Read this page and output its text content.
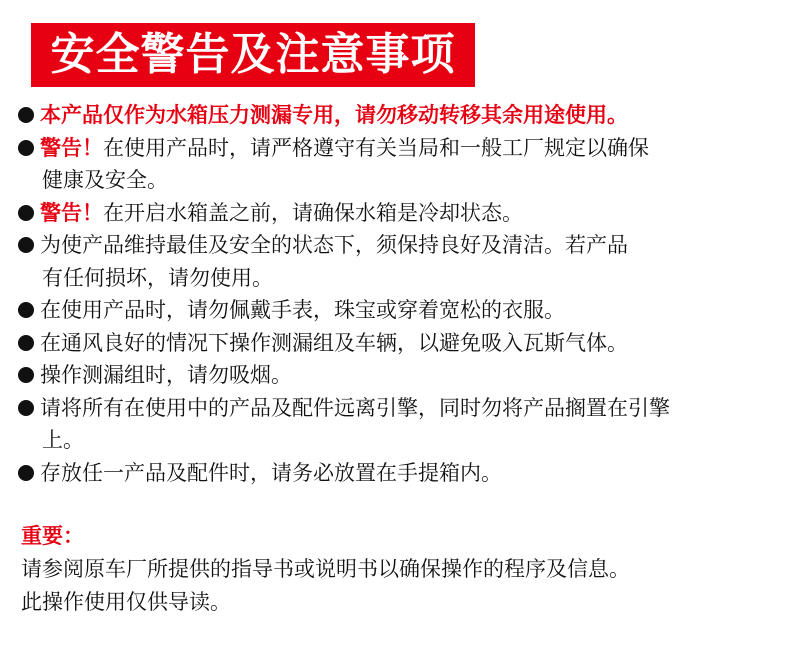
安全警告及注意事项
本产品仅作为水箱压力测漏专用，请勿移动转移其余用途使用。
警告！在使用产品时，请严格遵守有关当局和一般工厂规定以确保
健康及安全。
警告！在开启水箱盖之前，请确保水箱是冷却状态。
为使产品维持最佳及安全的状态下，须保持良好及清洁。若产品
有任何损坏，请勿使用。
在使用产品时，请勿佩戴手表，珠宝或穿着宽松的衣服。
在通风良好的情况下操作测漏组及车辆，以避免吸入瓦斯气体。
操作测漏组时，请勿吸烟。
请将所有在使用中的产品及配件远离引擎，同时勿将产品搁置在引擎
上。
存放任一产品及配件时，请务必放置在手提箱内。
重要：
请参阅原车厂所提供的指导书或说明书以确保操作的程序及信息。
此操作使用仅供导读。
